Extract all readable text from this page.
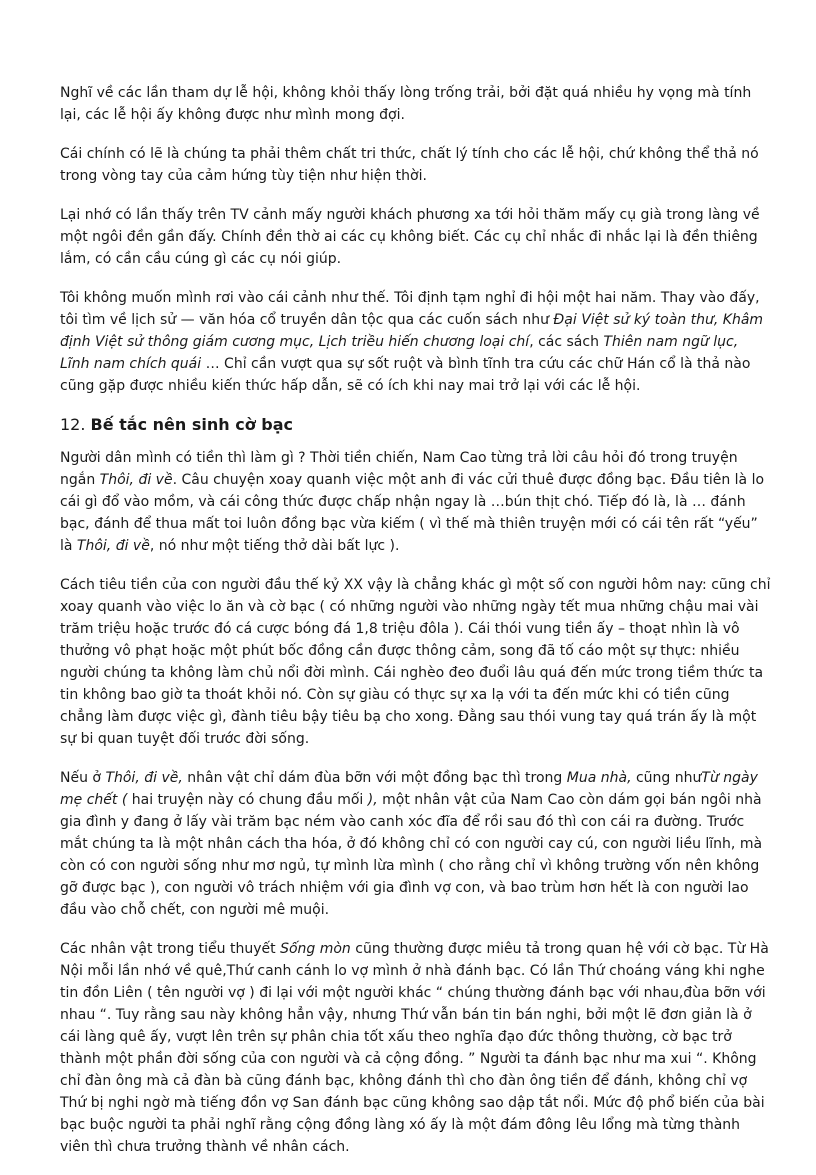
Nghĩ về các lần tham dự lễ hội, không khỏi thấy lòng trống trải, bởi đặt quá nhiều hy vọng mà tính lại, các lễ hội ấy không được như mình mong đợi.

Cái chính có lẽ là chúng ta phải thêm chất tri thức, chất lý tính cho các lễ hội, chứ không thể thả nó trong vòng tay của cảm hứng tùy tiện như hiện thời.

Lại nhớ có lần thấy trên TV cảnh mấy người khách phương xa tới hỏi thăm mấy cụ già trong làng về một ngôi đền gần đấy. Chính đền thờ ai các cụ không biết. Các cụ chỉ nhắc đi nhắc lại là đền thiêng lắm, có cần cầu cúng gì các cụ nói giúp.

Tôi không muốn mình rơi vào cái cảnh như thế. Tôi định tạm nghỉ đi hội một hai năm. Thay vào đấy, tôi tìm về lịch sử — văn hóa cổ truyền dân tộc qua các cuốn sách như Đại Việt sử ký toàn thư, Khâm định Việt sử thông giám cương mục, Lịch triều hiến chương loại chí, các sách Thiên nam ngữ lục, Lĩnh nam chích quái … Chỉ cần vượt qua sự sốt ruột và bình tĩnh tra cứu các chữ Hán cổ là thả nào cũng gặp được nhiều kiến thức hấp dẫn, sẽ có ích khi nay mai trở lại với các lễ hội.

12. Bế tắc nên sinh cờ bạc

Người dân mình có tiền thì làm gì ? Thời tiền chiến, Nam Cao từng trả lời câu hỏi đó trong truyện ngắn Thôi, đi về. Câu chuyện xoay quanh việc một anh đi vác cửi thuê được đồng bạc. Đầu tiên là lo cái gì đổ vào mồm, và cái công thức được chấp nhận ngay là …bún thịt chó. Tiếp đó là, là … đánh bạc, đánh để thua mất toi luôn đồng bạc vừa kiếm ( vì thế mà thiên truyện mới có cái tên rất “yếu” là Thôi, đi về, nó như một tiếng thở dài bất lực ).

Cách tiêu tiền của con người đầu thế kỷ XX vậy là chẳng khác gì một số con người hôm nay: cũng chỉ xoay quanh vào việc lo ăn và cờ bạc ( có những người vào những ngày tết mua những chậu mai vài trăm triệu hoặc trước đó cá cược bóng đá 1,8 triệu đôla ). Cái thói vung tiền ấy – thoạt nhìn là vô thưởng vô phạt hoặc một phút bốc đồng cần được thông cảm, song đã tố cáo một sự thực: nhiều người chúng ta không làm chủ nổi đời mình. Cái nghèo đeo đuổi lâu quá đến mức trong tiềm thức ta tin không bao giờ ta thoát khỏi nó. Còn sự giàu có thực sự xa lạ với ta đến mức khi có tiền cũng chẳng làm được việc gì, đành tiêu bậy tiêu bạ cho xong. Đằng sau thói vung tay quá trán ấy là một sự bi quan tuyệt đối trước đời sống.

Nếu ở Thôi, đi về, nhân vật chỉ dám đùa bỡn với một đồng bạc thì trong Mua nhà, cũng nhưTừ ngày mẹ chết ( hai truyện này có chung đầu mối ), một nhân vật của Nam Cao còn dám gọi bán ngôi nhà gia đình y đang ở lấy vài trăm bạc ném vào canh xóc đĩa để rồi sau đó thì con cái ra đường. Trước mắt chúng ta là một nhân cách tha hóa, ở đó không chỉ có con người cay cú, con người liều lĩnh, mà còn có con người sống như mơ ngủ, tự mình lừa mình ( cho rằng chỉ vì không trường vốn nên không gỡ được bạc ), con người vô trách nhiệm với gia đình vợ con, và bao trùm hơn hết là con người lao đầu vào chỗ chết, con người mê muội.

Các nhân vật trong tiểu thuyết Sống mòn cũng thường được miêu tả trong quan hệ với cờ bạc. Từ Hà Nội mỗi lần nhớ về quê,Thứ canh cánh lo vợ mình ở nhà đánh bạc. Có lần Thứ choáng váng khi nghe tin đồn Liên ( tên người vợ ) đi lại với một người khác “ chúng thường đánh bạc với nhau,đùa bỡn với nhau “. Tuy rằng sau này không hẳn vậy, nhưng Thứ vẫn bán tin bán nghi, bởi một lẽ đơn giản là ở cái làng quê ấy, vượt lên trên sự phân chia tốt xấu theo nghĩa đạo đức thông thường, cờ bạc trở thành một phần đời sống của con người và cả cộng đồng. ” Người ta đánh bạc như ma xui “. Không chỉ đàn ông mà cả đàn bà cũng đánh bạc, không đánh thì cho đàn ông tiền để đánh, không chỉ vợ Thứ bị nghi ngờ mà tiếng đồn vợ San đánh bạc cũng không sao dập tắt nổi. Mức độ phổ biến của bài bạc buộc người ta phải nghĩ rằng cộng đồng làng xó ấy là một đám đông lêu lổng mà từng thành viên thì chưa trưởng thành về nhân cách.
